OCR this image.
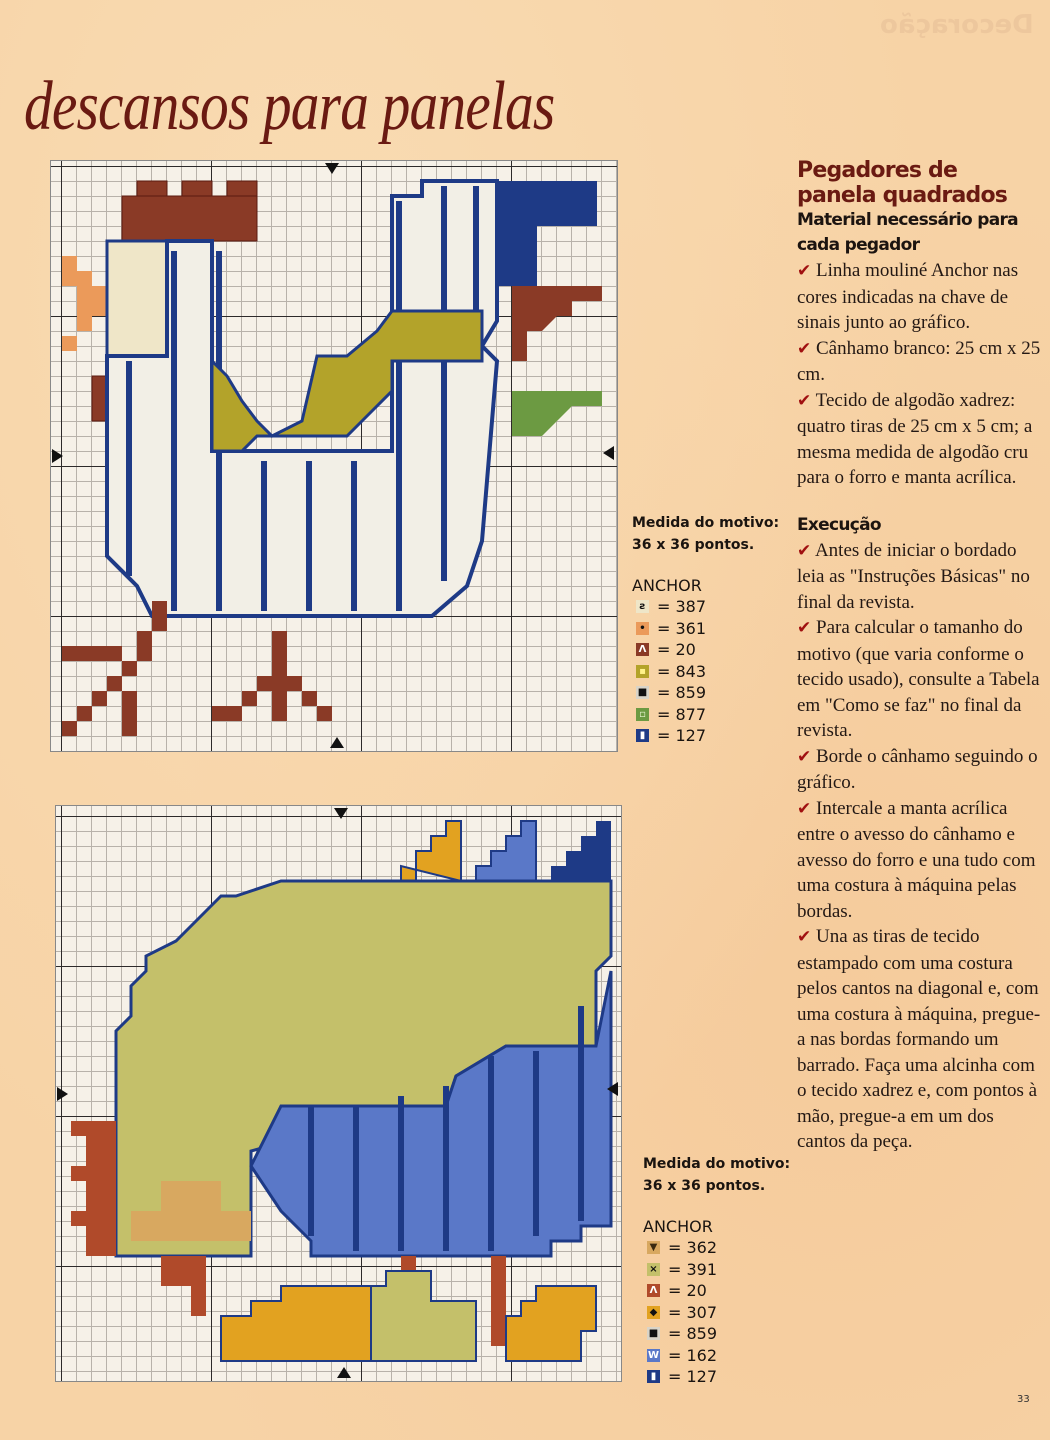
Decoração
descansos para panelas
Medida do motivo:
36 x 36 pontos.
ANCHOR
ƨ = 387
• = 361
Λ = 20
▪ = 843
■ = 859
▫ = 877
▮ = 127
Medida do motivo:
36 x 36 pontos.
ANCHOR
▼ = 362
× = 391
Λ = 20
◆ = 307
■ = 859
W = 162
▮ = 127
Pegadores de panela quadrados
Material necessário para cada pegador

✔ Linha mouliné Anchor nas cores indicadas na chave de sinais junto ao gráfico.

✔ Cânhamo branco: 25 cm x 25 cm.

✔ Tecido de algodão xadrez: quatro tiras de 25 cm x 5 cm; a mesma medida de algodão cru para o forro e manta acrílica.

Execução

✔ Antes de iniciar o bordado leia as "Instruções Básicas" no final da revista.

✔ Para calcular o tamanho do motivo (que varia conforme o tecido usado), consulte a Tabela em "Como se faz" no final da revista.

✔ Borde o cânhamo seguindo o gráfico.

✔ Intercale a manta acrílica entre o avesso do cânhamo e avesso do forro e una tudo com uma costura à máquina pelas bordas.

✔ Una as tiras de tecido estampado com uma costura pelos cantos na diagonal e, com uma costura à máquina, pregue-a nas bordas formando um barrado. Faça uma alcinha com o tecido xadrez e, com pontos à mão, pregue-a em um dos cantos da peça.

33
